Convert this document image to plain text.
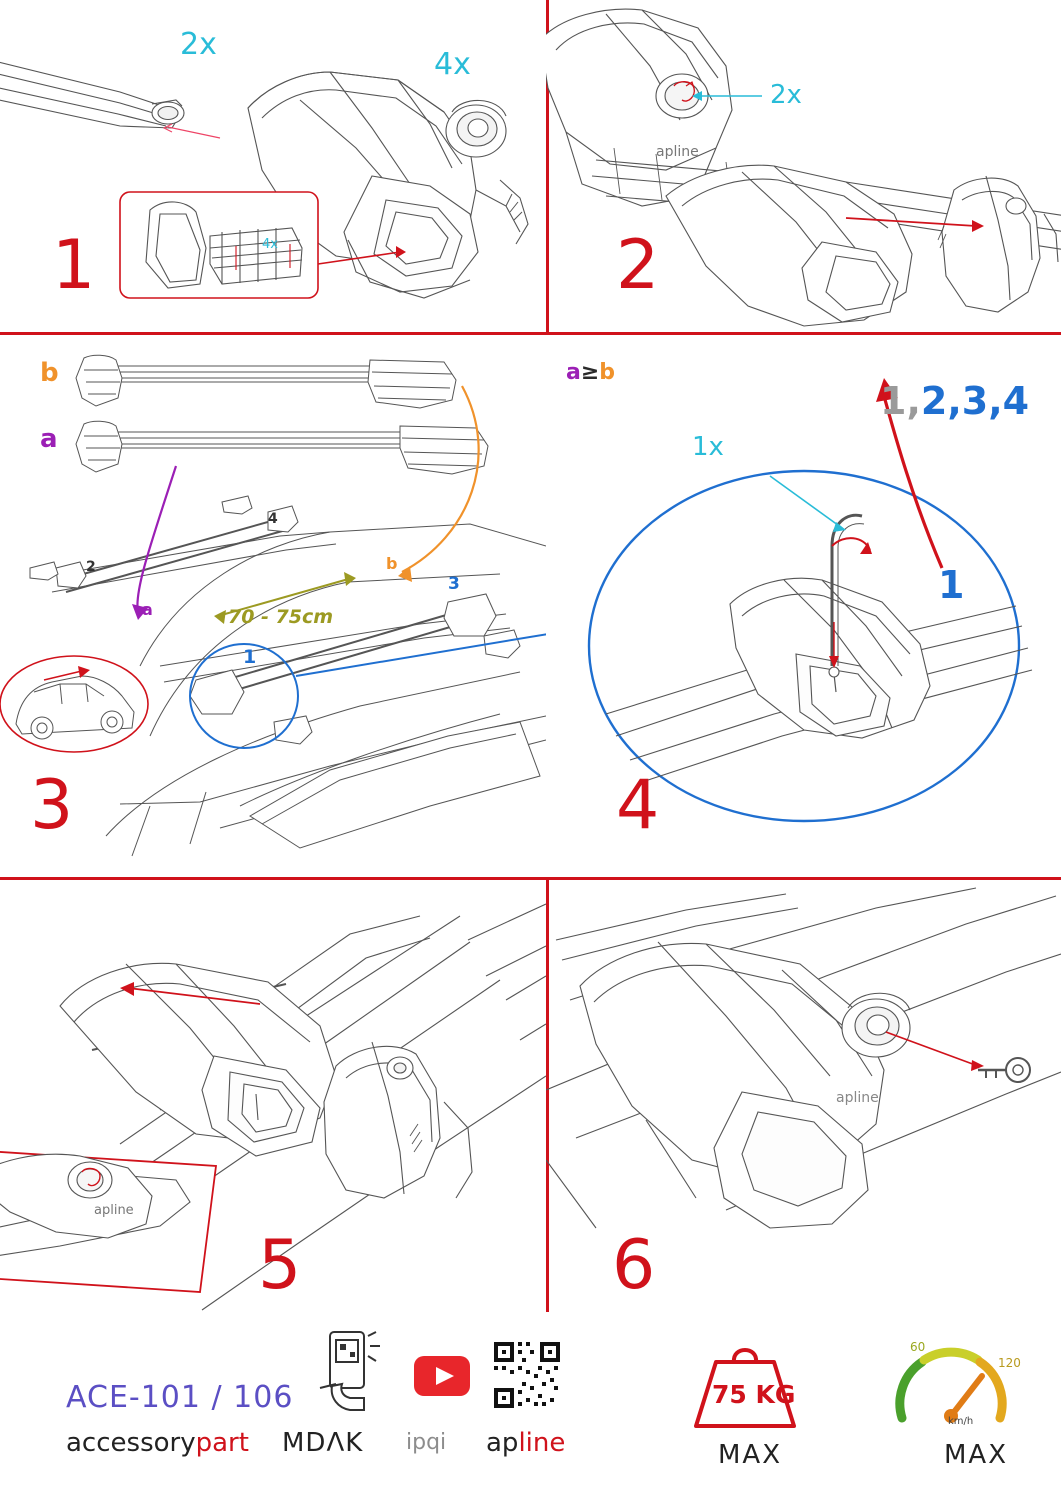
apline
apline
apline
1	2
3	4
5	6
2x
4x
4x
2x
b
a
a
b
70 - 75cm
2
4
3
1
a≥b
1x
1,2,3,4
1
ACE-101 / 106
accessorypart MDΛK ipqi apline
75 KG
MAX
60
120
km/h
MAX
